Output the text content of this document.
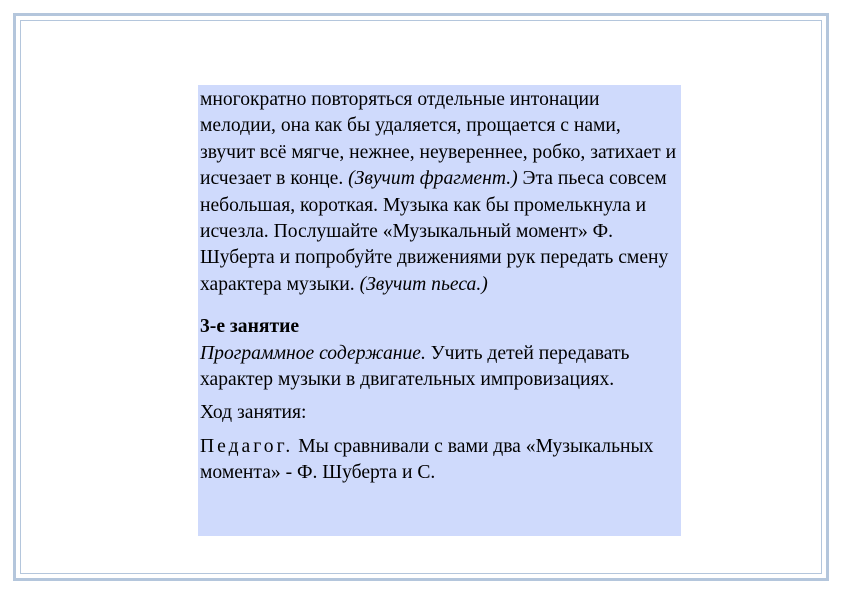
многократно повторяться отдельные интонации мелодии, она как бы удаляется, прощается с нами, звучит всё мягче, нежнее, неувереннее, робко, затихает и исчезает в конце. (Звучит фрагмент.) Эта пьеса совсем небольшая, короткая. Музыка как бы промелькнула и исчезла. Послушайте «Музыкальный момент» Ф. Шуберта и попробуйте движениями рук передать смену характера музыки. (Звучит пьеса.)

3-е занятие

Программное содержание. Учить детей передавать характер музыки в двигательных импровизациях.

Ход занятия:

Педагог. Мы сравнивали с вами два «Музыкальных момента» - Ф. Шуберта и С.
